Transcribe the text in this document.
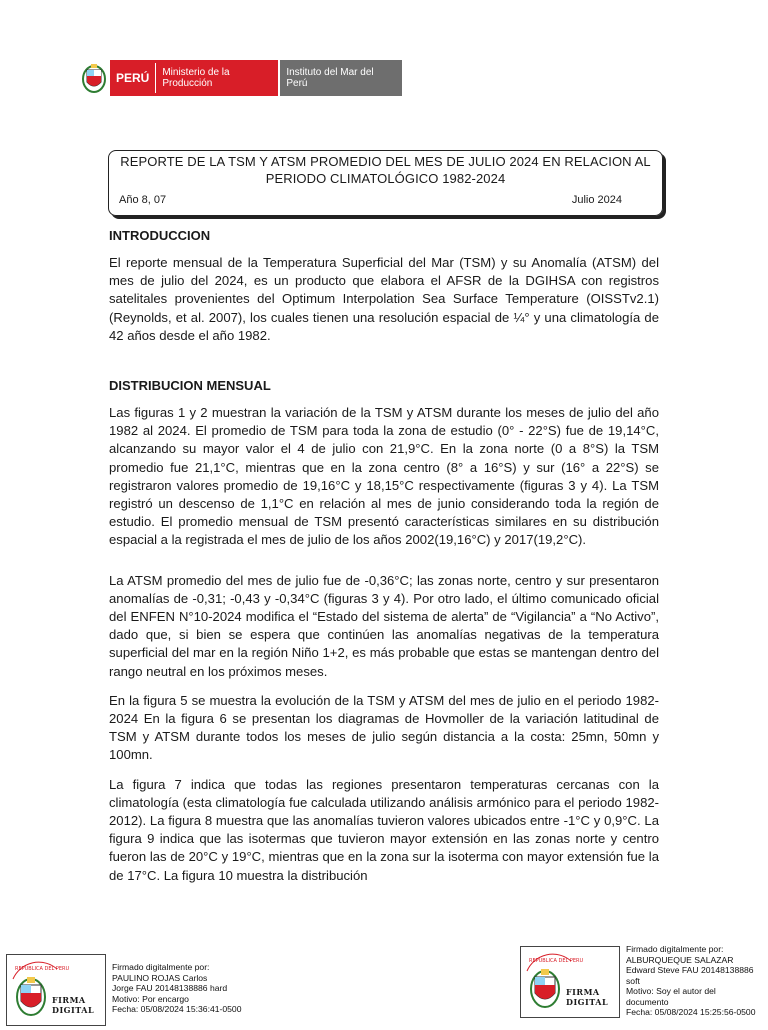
PERÚ	Ministerio de la Producción
Instituto del Mar del Perú
REPORTE DE LA TSM Y ATSM PROMEDIO DEL MES DE JULIO 2024 EN RELACION AL
PERIODO CLIMATOLÓGICO 1982-2024
Año 8, 07	Julio 2024

INTRODUCCION

El reporte mensual de la Temperatura Superficial del Mar (TSM) y su Anomalía (ATSM) del mes de julio del 2024, es un producto que elabora el AFSR de la DGIHSA con registros satelitales provenientes del Optimum Interpolation Sea Surface Temperature (OISSTv2.1) (Reynolds, et al. 2007), los cuales tienen una resolución espacial de ¼° y una climatología de 42 años desde el año 1982.

DISTRIBUCION MENSUAL

Las figuras 1 y 2 muestran la variación de la TSM y ATSM durante los meses de julio del año 1982 al 2024. El promedio de TSM para toda la zona de estudio (0° - 22°S) fue de 19,14°C, alcanzando su mayor valor el 4 de julio con 21,9°C. En la zona norte (0 a 8°S) la TSM promedio fue 21,1°C, mientras que en la zona centro (8° a 16°S) y sur (16° a 22°S) se registraron valores promedio de 19,16°C y 18,15°C respectivamente (figuras 3 y 4). La TSM registró un descenso de 1,1°C en relación al mes de junio considerando toda la región de estudio. El promedio mensual de TSM presentó características similares en su distribución espacial a la registrada el mes de julio de los años 2002(19,16°C) y 2017(19,2°C).

La ATSM promedio del mes de julio fue de -0,36°C; las zonas norte, centro y sur presentaron anomalías de -0,31; -0,43 y -0,34°C (figuras 3 y 4). Por otro lado, el último comunicado oficial del ENFEN N°10-2024 modifica el “Estado del sistema de alerta” de “Vigilancia” a “No Activo”, dado que, si bien se espera que continúen las anomalías negativas de la temperatura superficial del mar en la región Niño 1+2, es más probable que estas se mantengan dentro del rango neutral en los próximos meses.

En la figura 5 se muestra la evolución de la TSM y ATSM del mes de julio en el periodo 1982-2024 En la figura 6 se presentan los diagramas de Hovmoller de la variación latitudinal de TSM y ATSM durante todos los meses de julio según distancia a la costa: 25mn, 50mn y 100mn.

La figura 7 indica que todas las regiones presentaron temperaturas cercanas con la climatología (esta climatología fue calculada utilizando análisis armónico para el periodo 1982-2012). La figura 8 muestra que las anomalías tuvieron valores ubicados entre -1°C y 0,9°C. La figura 9 indica que las isotermas que tuvieron mayor extensión en las zonas norte y centro fueron las de 20°C y 19°C, mientras que en la zona sur la isoterma con mayor extensión fue la de 17°C. La figura 10 muestra la distribución

REPUBLICA DEL PERU
FIRMA DIGITAL
Firmado digitalmente por:
PAULINO ROJAS Carlos
Jorge FAU 20148138886 hard
Motivo: Por encargo
Fecha: 05/08/2024 15:36:41-0500
REPUBLICA DEL PERU
FIRMA DIGITAL
Firmado digitalmente por:
ALBURQUEQUE SALAZAR
Edward Steve FAU 20148138886
soft
Motivo: Soy el autor del
documento
Fecha: 05/08/2024 15:25:56-0500
